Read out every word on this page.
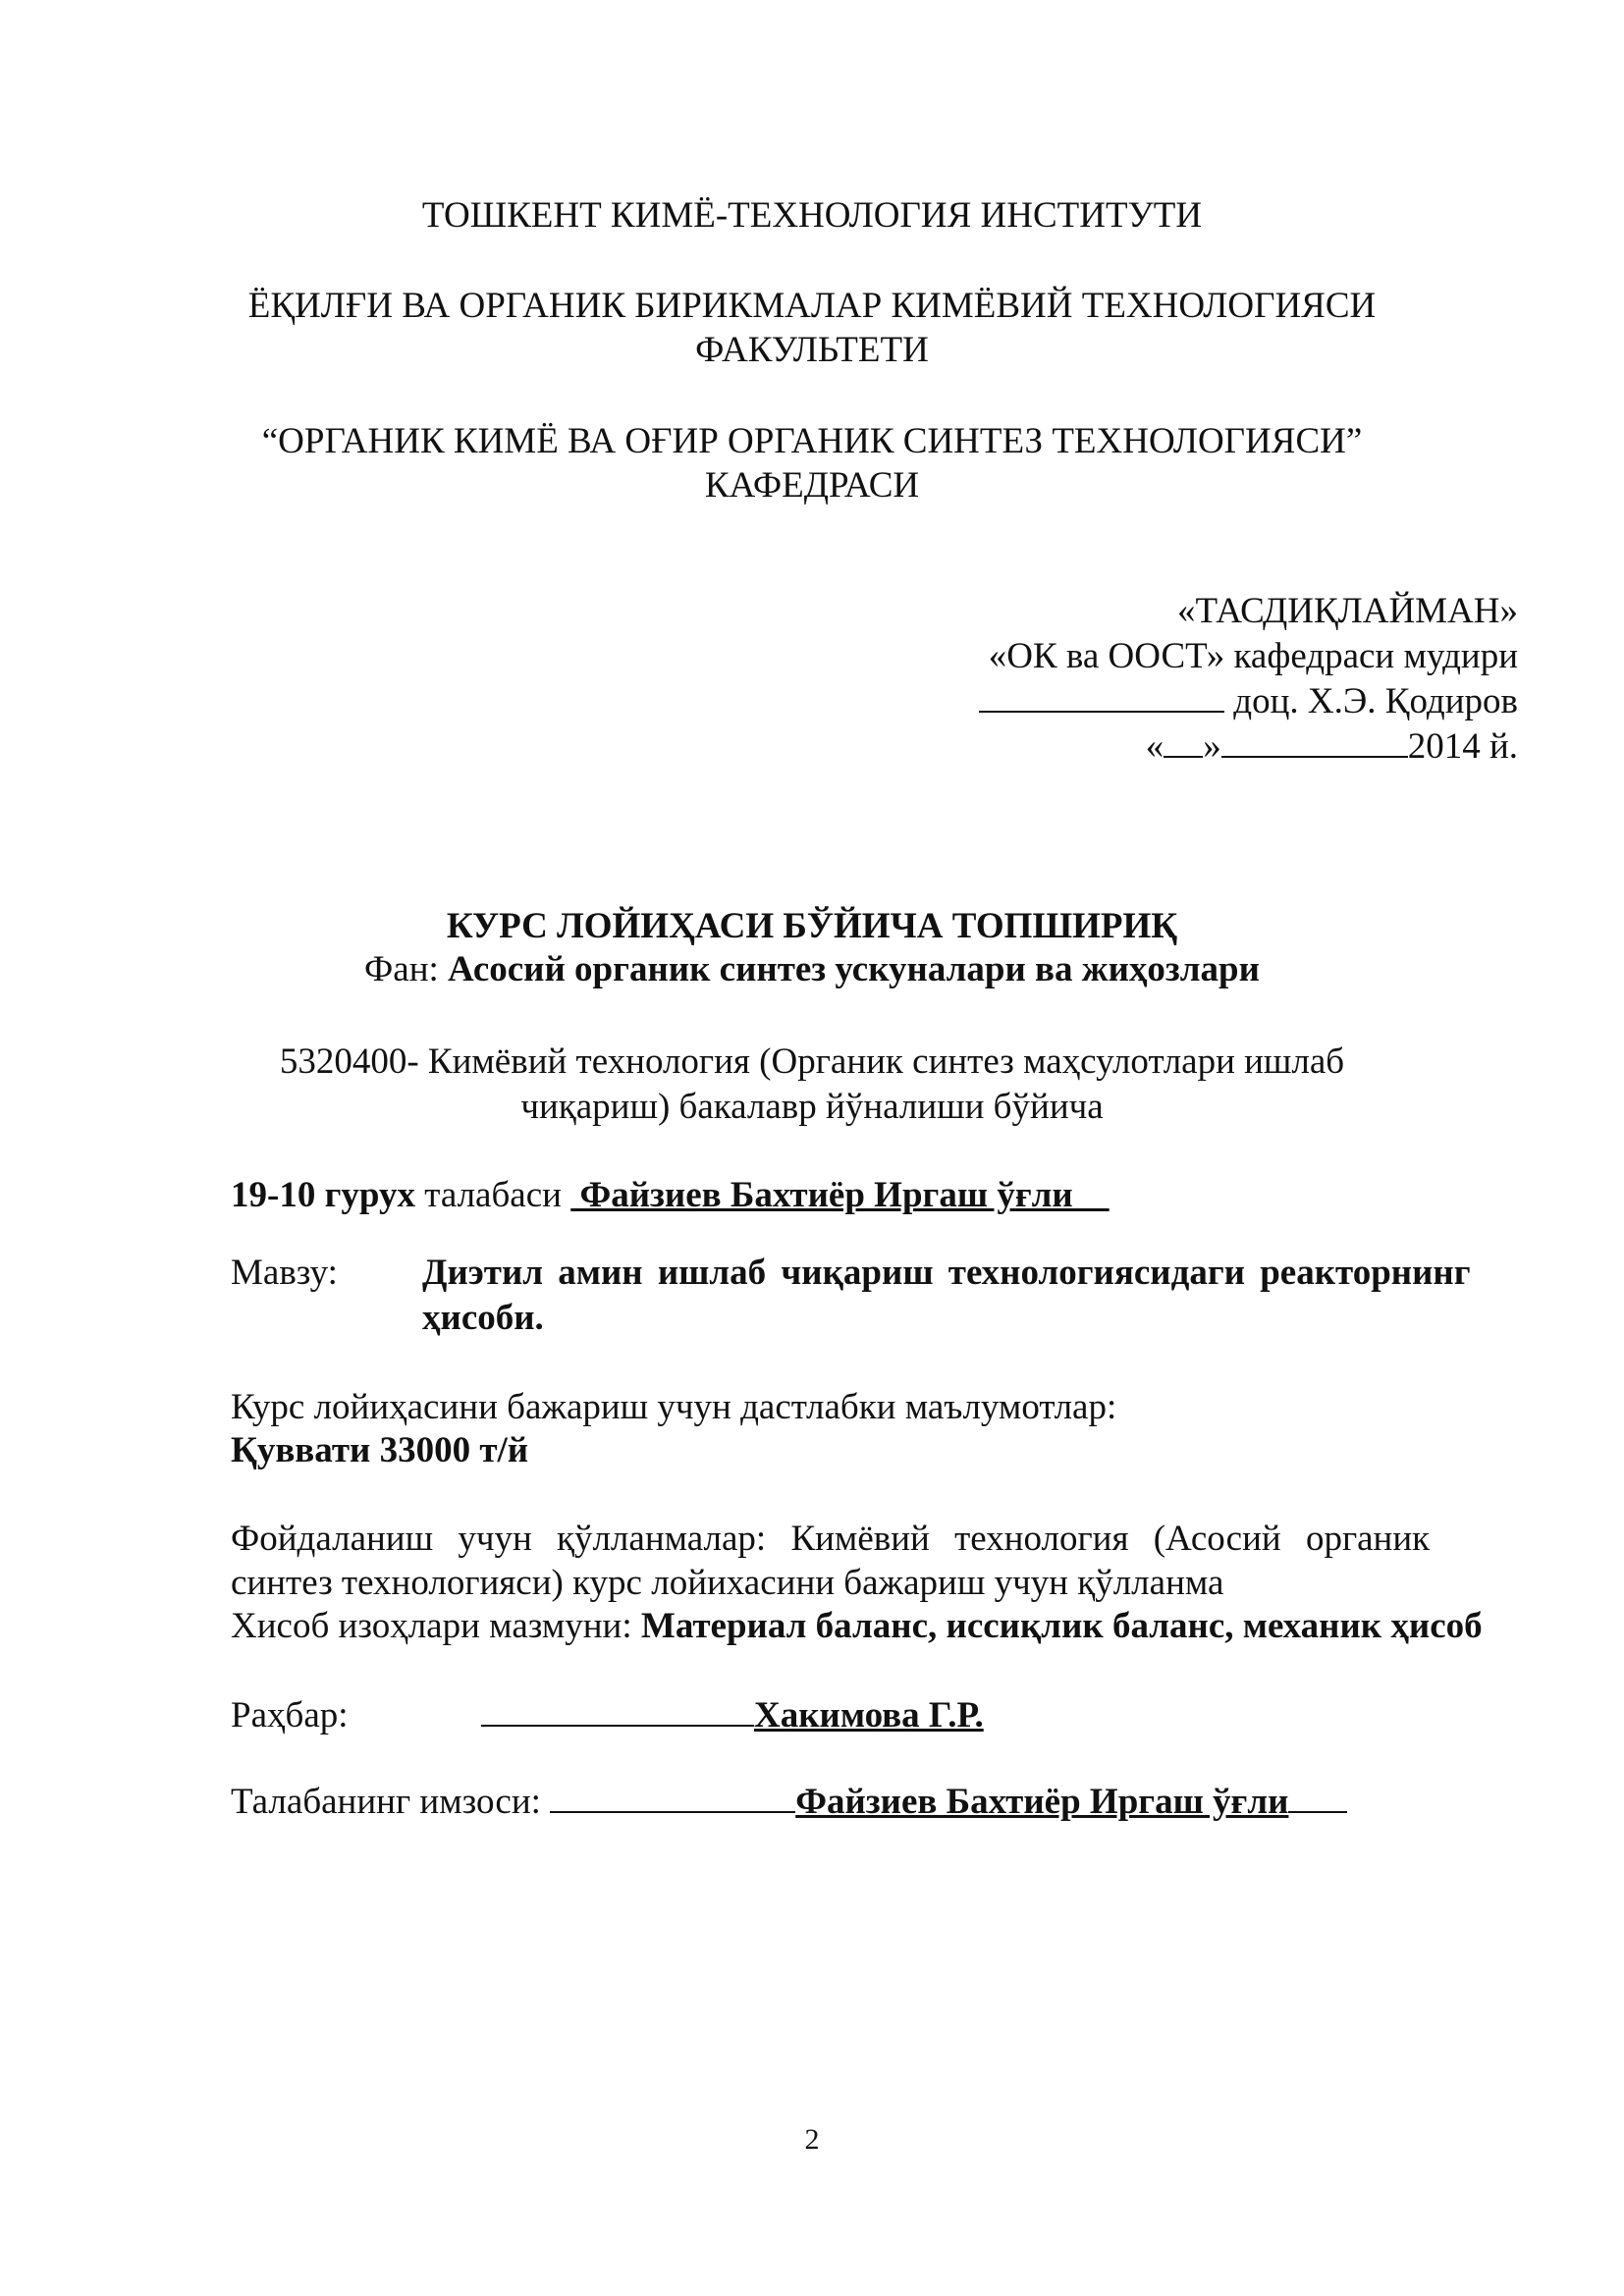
ТОШКЕНТ КИМЁ-ТЕХНОЛОГИЯ ИНСТИТУТИ
ЁҚИЛҒИ ВА ОРГАНИК БИРИКМАЛАР КИМЁВИЙ ТЕХНОЛОГИЯСИ
ФАКУЛЬТЕТИ
“ОРГАНИК КИМЁ ВА ОҒИР ОРГАНИК СИНТЕЗ ТЕХНОЛОГИЯСИ”
КАФЕДРАСИ
«ТАСДИҚЛАЙМАН»
«ОК ва ООСТ» кафедраси мудири
доц. Х.Э. Қодиров
« »	2014 й.
КУРС ЛОЙИҲАСИ БЎЙИЧА ТОПШИРИҚ
Фан: Асосий органик синтез ускуналари ва жиҳозлари
5320400- Кимёвий технология (Органик синтез маҳсулотлари ишлаб
чиқариш) бакалавр йўналиши бўйича
19-10 гурух талабаси  Файзиев Бахтиёр Иргаш ўғли
Мавзу: Диэтил амин ишлаб чиқариш технологиясидаги реакторнинг
ҳисоби.
Курс лойиҳасини бажариш учун дастлабки маълумотлар:
Қуввати 33000 т/й
Фойдаланиш учун қўлланмалар: Кимёвий технология (Асосий органик
синтез технологияси) курс лойихасини бажариш учун қўлланма
Хисоб изоҳлари мазмуни: Материал баланс, иссиқлик баланс, механик ҳисоб
Раҳбар:	Хакимова Г.Р.
Талабанинг имзоси:	Файзиев Бахтиёр Иргаш ўғли
2
